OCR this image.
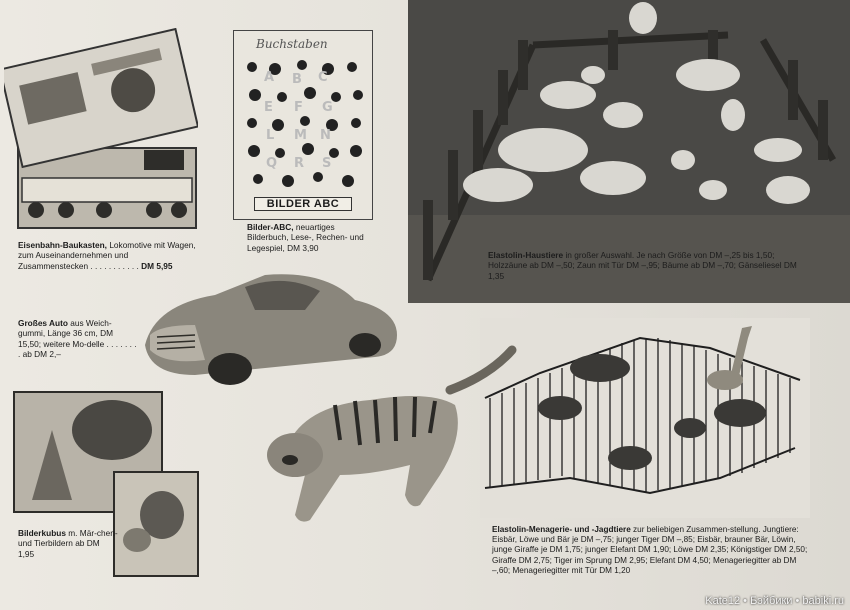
Buchstaben
A B C
E F G
L M N
Q R S
BILDER ABC
Eisenbahn-Baukasten, Lokomotive mit Wagen, zum Auseinandernehmen und Zusammenstecken . . . . . . . . . . . DM 5,95
Bilder-ABC, neuartiges Bilderbuch, Lese-, Rechen- und Legespiel, DM 3,90
Elastolin-Haustiere in großer Auswahl. Je nach Größe von DM –,25 bis 1,50; Holzzäune ab DM –,50; Zaun mit Tür DM –,95; Bäume ab DM –,70; Gänseliesel DM 1,35
Großes Auto aus Weich-gummi, Länge 36 cm, DM 15,50; weitere Mo-delle . . . . . . . . ab DM 2,–
Bilderkubus m. Mär-chen- und Tierbildern ab DM 1,95
Elastolin-Menagerie- und -Jagdtiere zur beliebigen Zusammen-stellung. Jungtiere: Eisbär, Löwe und Bär je DM –,75; junger Tiger DM –,85; Eisbär, brauner Bär, Löwin, junge Giraffe je DM 1,75; junger Elefant DM 1,90; Löwe DM 2,35; Königstiger DM 2,50; Giraffe DM 2,75; Tiger im Sprung DM 2,95; Elefant DM 4,50; Menageriegitter ab DM –,60; Menageriegitter mit Tür DM 1,20
Kate12 • Бэйбики • babiki.ru
